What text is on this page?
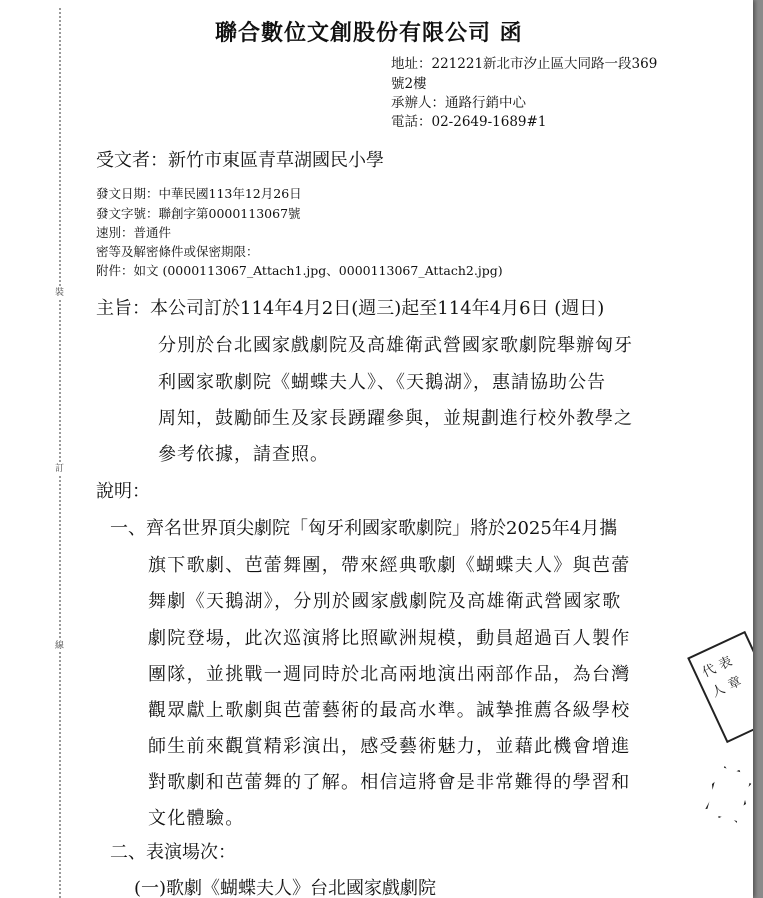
裝
訂
線
聯合數位文創股份有限公司 函
地址：221221新北市汐止區大同路一段369
號2樓
承辦人：通路行銷中心
電話：02-2649-1689#1
受文者：新竹市東區青草湖國民小學
發文日期：中華民國113年12月26日
發文字號：聯創字第0000113067號
速別：普通件
密等及解密條件或保密期限：
附件：如文 (0000113067_Attach1.jpg、0000113067_Attach2.jpg)
主旨：本公司訂於114年4月2日(週三)起至114年4月6日 (週日)
分別於台北國家戲劇院及高雄衛武營國家歌劇院舉辦匈牙
利國家歌劇院《蝴蝶夫人》、《天鵝湖》，惠請協助公告
周知，鼓勵師生及家長踴躍參與，並規劃進行校外教學之
參考依據，請查照。
說明：
一、齊名世界頂尖劇院「匈牙利國家歌劇院」將於2025年4月攜
旗下歌劇、芭蕾舞團，帶來經典歌劇《蝴蝶夫人》與芭蕾
舞劇《天鵝湖》，分別於國家戲劇院及高雄衛武營國家歌
劇院登場，此次巡演將比照歐洲規模，動員超過百人製作
團隊，並挑戰一週同時於北高兩地演出兩部作品，為台灣
觀眾獻上歌劇與芭蕾藝術的最高水準。誠摯推薦各級學校
師生前來觀賞精彩演出，感受藝術魅力，並藉此機會增進
對歌劇和芭蕾舞的了解。相信這將會是非常難得的學習和
文化體驗。
二、表演場次：
(一)歌劇《蝴蝶夫人》台北國家戲劇院
代
表
人
章
